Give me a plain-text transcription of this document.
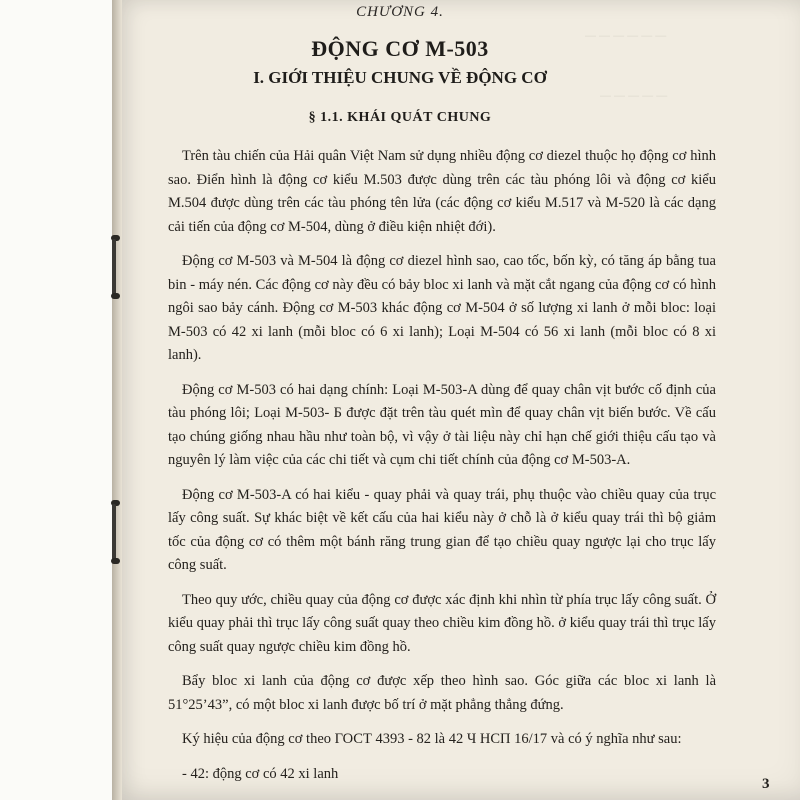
— — — — — —
— — — — —
CHƯƠNG 4.
ĐỘNG CƠ M-503
I. GIỚI THIỆU CHUNG VỀ ĐỘNG CƠ
§ 1.1. KHÁI QUÁT CHUNG

Trên tàu chiến của Hải quân Việt Nam sử dụng nhiều động cơ diezel thuộc họ động cơ hình sao. Điển hình là động cơ kiểu M.503 được dùng trên các tàu phóng lôi và động cơ kiểu M.504 được dùng trên các tàu phóng tên lửa (các động cơ kiểu M.517 và M-520 là các dạng cải tiến của động cơ M-504, dùng ở điều kiện nhiệt đới).

Động cơ M-503 và M-504 là động cơ diezel hình sao, cao tốc, bốn kỳ, có tăng áp bằng tua bin - máy nén. Các động cơ này đều có bảy bloc xi lanh và mặt cắt ngang của động cơ có hình ngôi sao bảy cánh. Động cơ M-503 khác động cơ M-504 ở số lượng xi lanh ở mỗi bloc: loại M-503 có 42 xi lanh (mỗi bloc có 6 xi lanh); Loại M-504 có 56 xi lanh (mỗi bloc có 8 xi lanh).

Động cơ M-503 có hai dạng chính: Loại M-503-A dùng để quay chân vịt bước cố định của tàu phóng lôi; Loại M-503- Б được đặt trên tàu quét mìn để quay chân vịt biến bước. Về cấu tạo chúng giống nhau hầu như toàn bộ, vì vậy ở tài liệu này chỉ hạn chế giới thiệu cấu tạo và nguyên lý làm việc của các chi tiết và cụm chi tiết chính của động cơ M-503-A.

Động cơ M-503-A có hai kiểu - quay phải và quay trái, phụ thuộc vào chiều quay của trục lấy công suất. Sự khác biệt về kết cấu của hai kiểu này ở chỗ là ở kiểu quay trái thì bộ giảm tốc của động cơ có thêm một bánh răng trung gian để tạo chiều quay ngược lại cho trục lấy công suất.

Theo quy ước, chiều quay của động cơ được xác định khi nhìn từ phía trục lấy công suất. Ở kiểu quay phải thì trục lấy công suất quay theo chiều kim đồng hồ. ở kiểu quay trái thì trục lấy công suất quay ngược chiều kim đồng hồ.

Bẩy bloc xi lanh của động cơ được xếp theo hình sao. Góc giữa các bloc xi lanh là 51°25’43”, có một bloc xi lanh được bố trí ở mặt phẳng thẳng đứng.

Ký hiệu của động cơ theo ГОСТ 4393 - 82 là 42 Ч НСП 16/17 và có ý nghĩa như sau:

- 42: động cơ có 42 xi lanh

3
